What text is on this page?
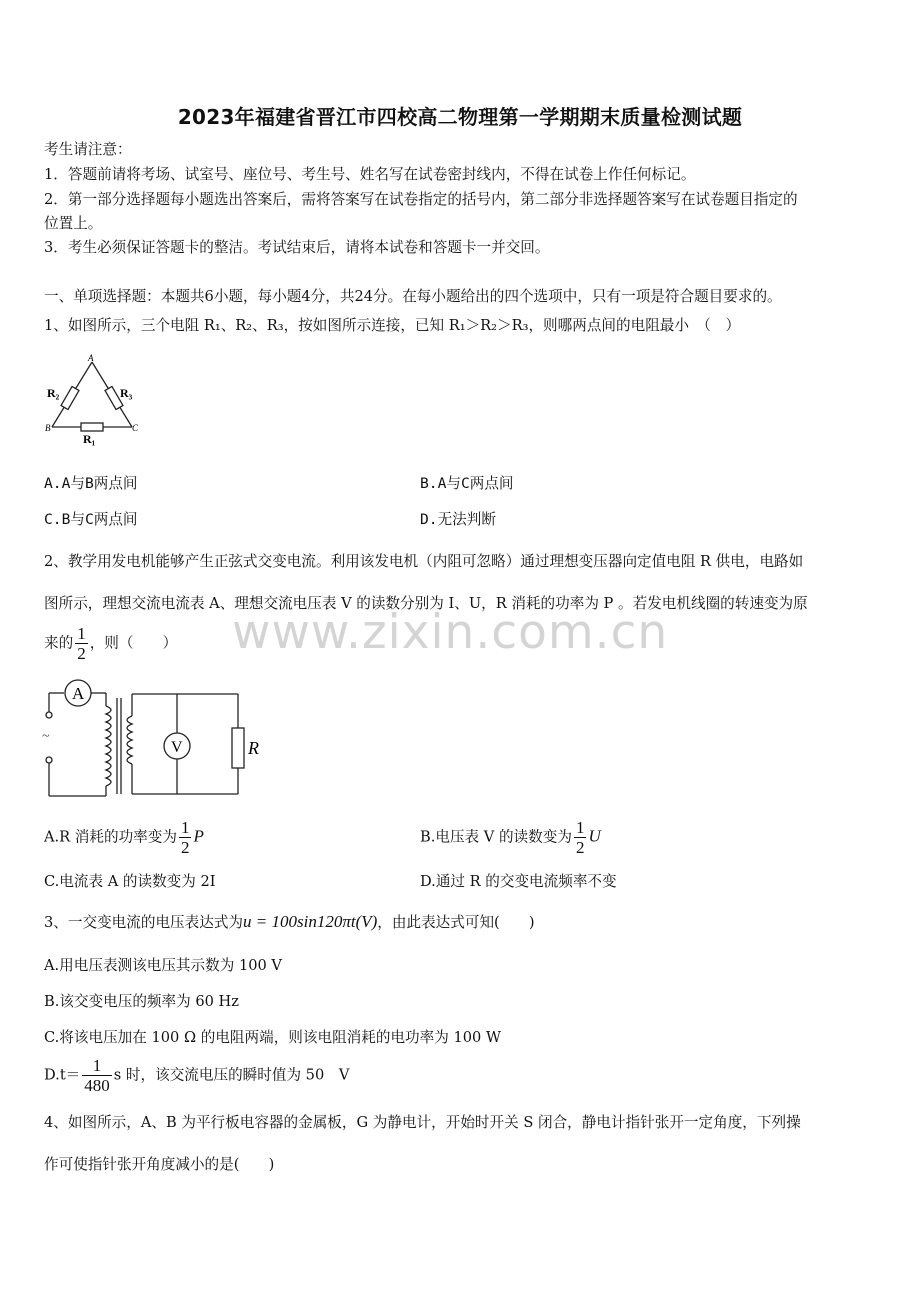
2023年福建省晋江市四校高二物理第一学期期末质量检测试题
考生请注意：
1．答题前请将考场、试室号、座位号、考生号、姓名写在试卷密封线内，不得在试卷上作任何标记。
2．第一部分选择题每小题选出答案后，需将答案写在试卷指定的括号内，第二部分非选择题答案写在试卷题目指定的
位置上。
3．考生必须保证答题卡的整洁。考试结束后，请将本试卷和答题卡一并交回。
一、单项选择题：本题共6小题，每小题4分，共24分。在每小题给出的四个选项中，只有一项是符合题目要求的。
1、如图所示，三个电阻 R₁、R₂、R₃，按如图所示连接，已知 R₁＞R₂＞R₃，则哪两点间的电阻最小　（　）
A
R₂	R₃
B	C
R₁
A.A与B两点间	B.A与C两点间
C.B与C两点间	D.无法判断
2、教学用发电机能够产生正弦式交变电流。利用该发电机（内阻可忽略）通过理想变压器向定值电阻 R 供电，电路如
图所示，理想交流电流表 A、理想交流电压表 V 的读数分别为 I、U，R 消耗的功率为 P 。若发电机线圈的转速变为原
来的 $\frac{1}{2}$ ，则（　　） www.zixin.com.cn
A
V	R
~
A.R 消耗的功率变为 $\frac{1}{2}$ P	B.电压表 V 的读数变为 $\frac{1}{2}$ U
C.电流表 A 的读数变为 2I	D.通过 R 的交变电流频率不变
3、一交变电流的电压表达式为u = 100sin120πt(V)，由此表达式可知(　　)
A.用电压表测该电压其示数为 100 V
B.该交变电压的频率为 60 Hz
C.将该电压加在 100 Ω 的电阻两端，则该电阻消耗的电功率为 100 W
$D.t= \frac{1}{480}$ s 时，该交流电压的瞬时值为 50　V
4、如图所示，A、B 为平行板电容器的金属板，G 为静电计，开始时开关 S 闭合，静电计指针张开一定角度，下列操
作可使指针张开角度减小的是(　　)
